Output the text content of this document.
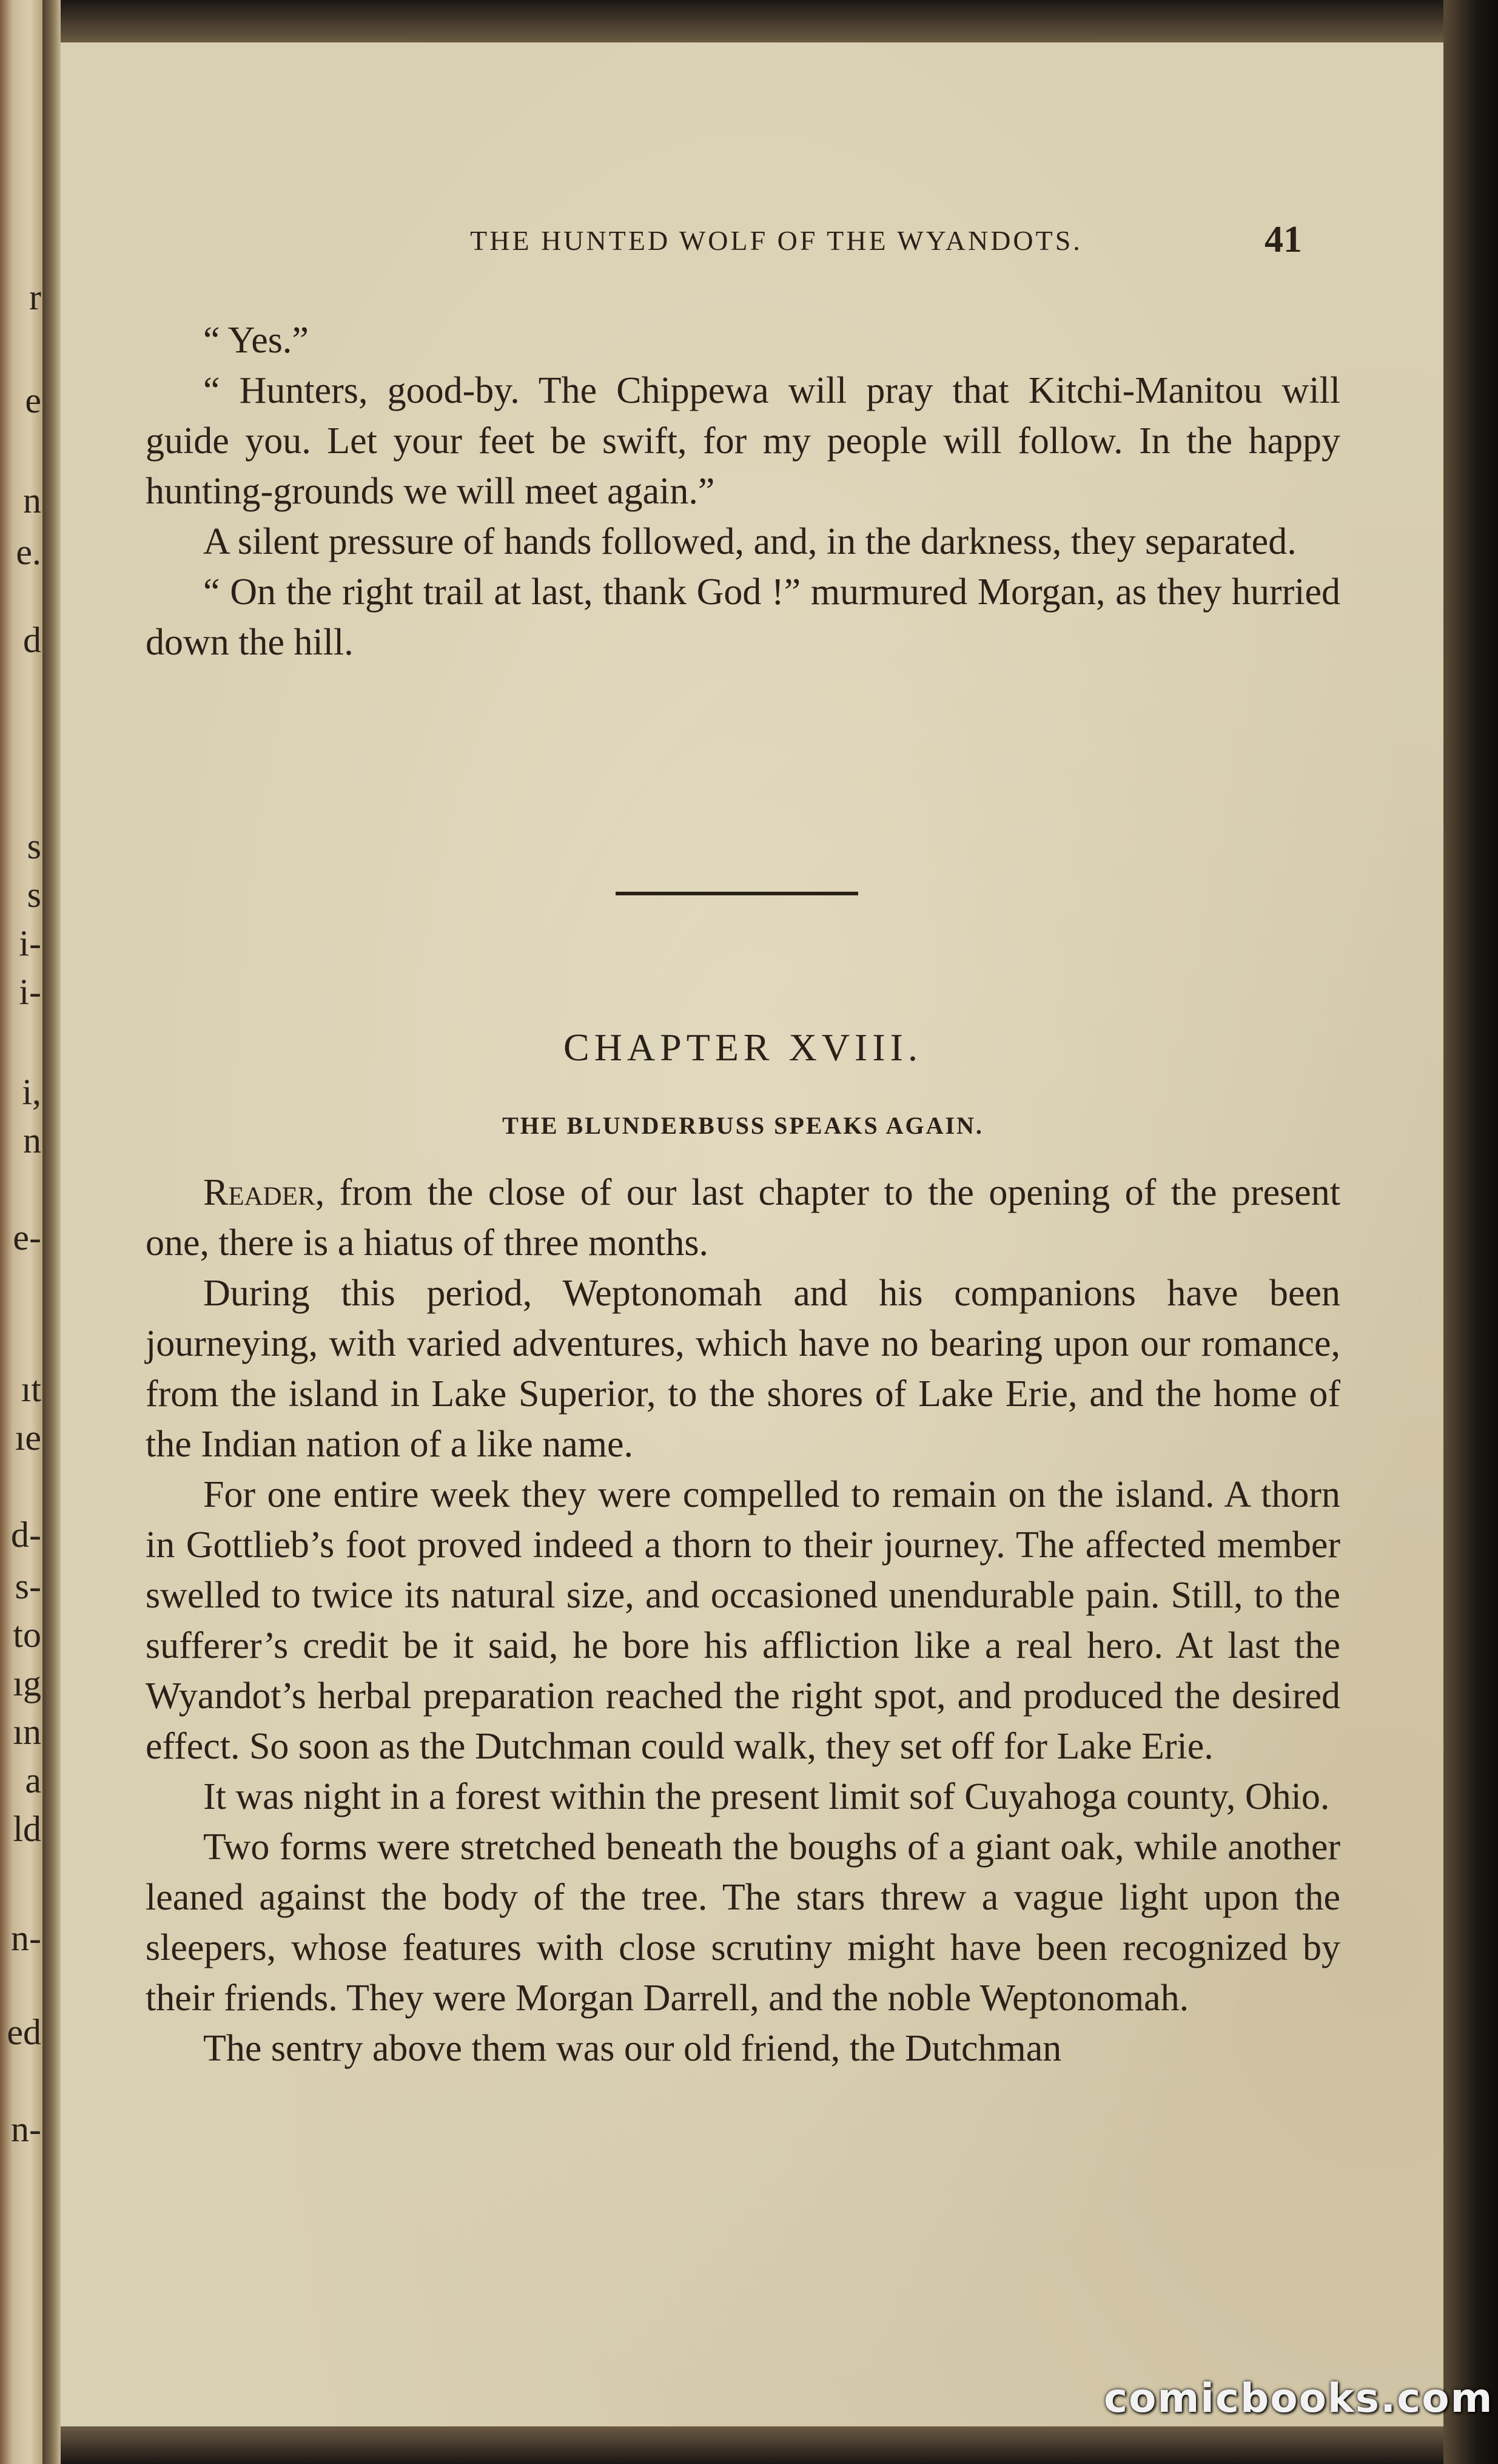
r
e
n
e.
d
s
s
i-
i-
i,
n
e-
ıt
ıe
d-
s-
to
ıg
ın
a
ld
n-
ed
n-
THE HUNTED WOLF OF THE WYANDOTS.	41

“ Yes.”

“ Hunters, good-by. The Chippewa will pray that Kitchi-Manitou will guide you. Let your feet be swift, for my people will follow. In the happy hunting-grounds we will meet again.”

A silent pressure of hands followed, and, in the darkness, they separated.

“ On the right trail at last, thank God !” murmured Morgan, as they hurried down the hill.

CHAPTER XVIII.
THE BLUNDERBUSS SPEAKS AGAIN.

Reader, from the close of our last chapter to the opening of the present one, there is a hiatus of three months.

During this period, Weptonomah and his companions have been journeying, with varied adventures, which have no bearing upon our romance, from the island in Lake Superior, to the shores of Lake Erie, and the home of the Indian nation of a like name.

For one entire week they were compelled to remain on the island. A thorn in Gottlieb’s foot proved indeed a thorn to their journey. The affected member swelled to twice its natural size, and occasioned unendurable pain. Still, to the sufferer’s credit be it said, he bore his affliction like a real hero. At last the Wyandot’s herbal preparation reached the right spot, and produced the desired effect. So soon as the Dutchman could walk, they set off for Lake Erie.

It was night in a forest within the present limit sof Cuyahoga county, Ohio.

Two forms were stretched beneath the boughs of a giant oak, while another leaned against the body of the tree. The stars threw a vague light upon the sleepers, whose features with close scrutiny might have been recognized by their friends. They were Morgan Darrell, and the noble Weptonomah.

The sentry above them was our old friend, the Dutchman

comicbooks.com
